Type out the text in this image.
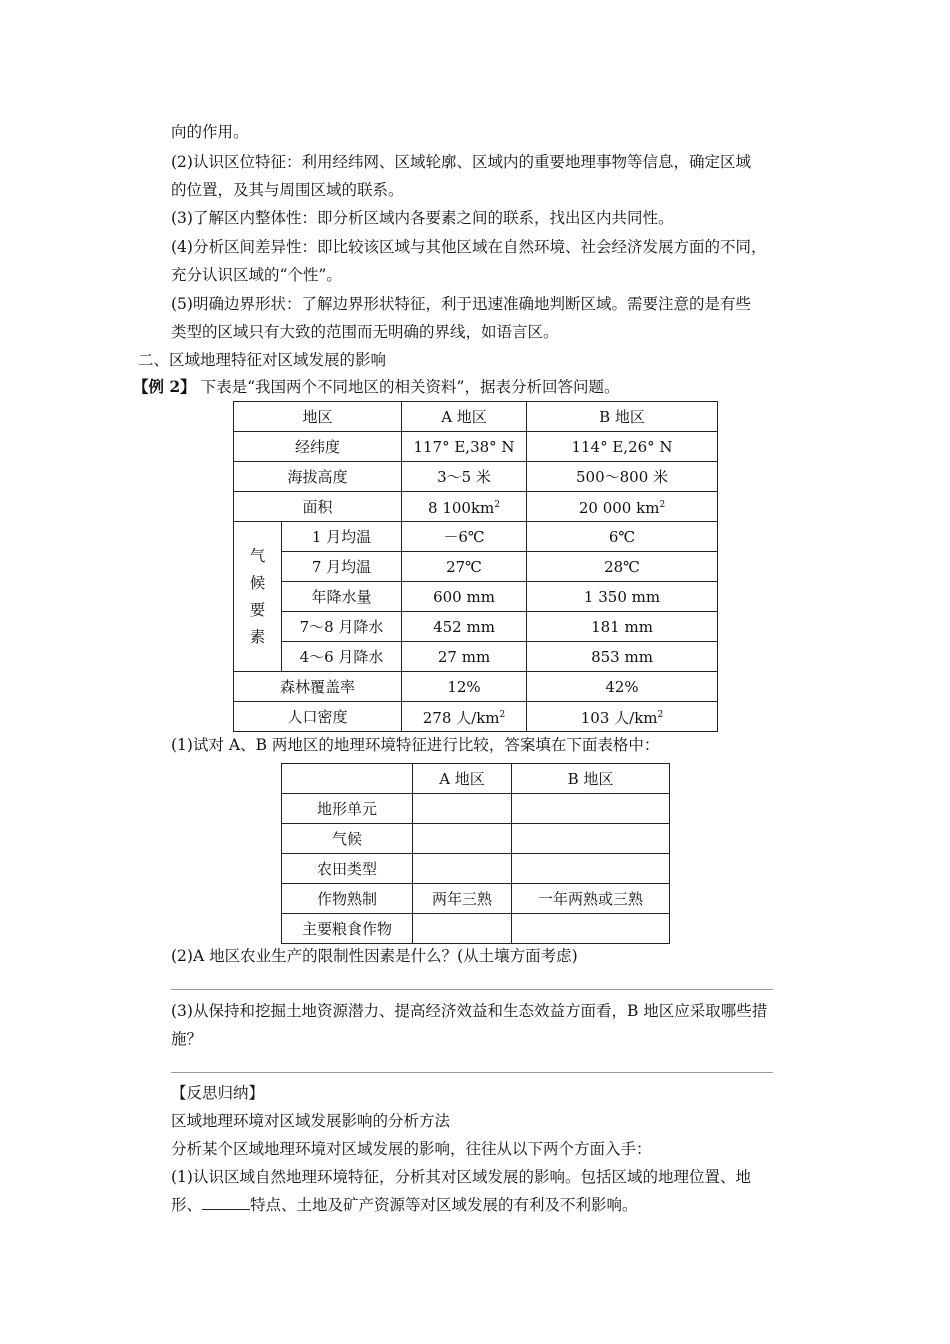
向的作用。
(2)认识区位特征：利用经纬网、区域轮廓、区域内的重要地理事物等信息，确定区域
的位置，及其与周围区域的联系。
(3)了解区内整体性：即分析区域内各要素之间的联系，找出区内共同性。
(4)分析区间差异性：即比较该区域与其他区域在自然环境、社会经济发展方面的不同，
充分认识区域的“个性”。
(5)明确边界形状：了解边界形状特征，利于迅速准确地判断区域。需要注意的是有些
类型的区域只有大致的范围而无明确的界线，如语言区。
二、区域地理特征对区域发展的影响
【例 2】 下表是“我国两个不同地区的相关资料”，据表分析回答问题。
地区		A 地区	B 地区
经纬度		117° E,38° N	114° E,26° N
海拔高度		3～5 米	500～800 米
面积		8 $100km^2$	20 000 $km^2$
气
候
要
素	1 月均温	－6℃	6℃
	7 月均温	27℃	28℃
	年降水量	600 mm	1 350 mm
	7～8 月降水	452 mm	181 mm
	4～6 月降水	27 mm	853 mm
森林覆盖率		12%	42%
人口密度		278 人$/km^2$	103 人$/km^2$
(1)试对 A、B 两地区的地理环境特征进行比较，答案填在下面表格中：
	A 地区	B 地区
地形单元		
气候		
农田类型		
作物熟制	两年三熟	一年两熟或三熟
主要粮食作物		
(2)A 地区农业生产的限制性因素是什么？(从土壤方面考虑)
(3)从保持和挖掘土地资源潜力、提高经济效益和生态效益方面看，B 地区应采取哪些措
施？
【反思归纳】
区域地理环境对区域发展影响的分析方法
分析某个区域地理环境对区域发展的影响，往往从以下两个方面入手：
(1)认识区域自然地理环境特征，分析其对区域发展的影响。包括区域的地理位置、地
形、	特点、土地及矿产资源等对区域发展的有利及不利影响。
